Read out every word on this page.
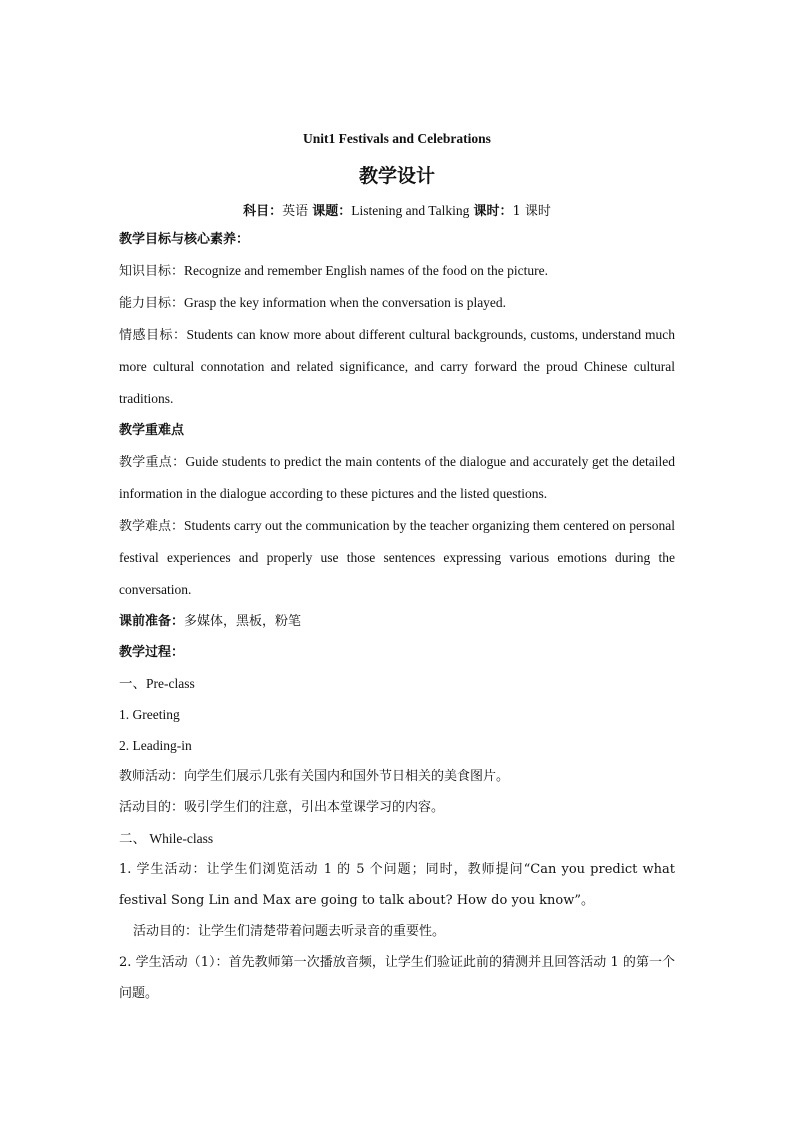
Unit1 Festivals and Celebrations
教学设计
科目：英语 课题：Listening and Talking 课时：1 课时
教学目标与核心素养：
知识目标：Recognize and remember English names of the food on the picture.
能力目标：Grasp the key information when the conversation is played.
情感目标：Students can know more about different cultural backgrounds, customs, understand much more cultural connotation and related significance, and carry forward the proud Chinese cultural traditions.
教学重难点
教学重点：Guide students to predict the main contents of the dialogue and accurately get the detailed information in the dialogue according to these pictures and the listed questions.
教学难点：Students carry out the communication by the teacher organizing them centered on personal festival experiences and properly use those sentences expressing various emotions during the conversation.
课前准备：多媒体，黑板，粉笔
教学过程：
一、Pre-class
1. Greeting
2. Leading-in
教师活动：向学生们展示几张有关国内和国外节日相关的美食图片。
活动目的：吸引学生们的注意，引出本堂课学习的内容。
二、 While-class
1. 学生活动：让学生们浏览活动 1 的 5 个问题；同时，教师提问“Can you predict what festival Song Lin and Max are going to talk about? How do you know”。
活动目的：让学生们清楚带着问题去听录音的重要性。
2. 学生活动（1）：首先教师第一次播放音频，让学生们验证此前的猜测并且回答活动 1 的第一个问题。
